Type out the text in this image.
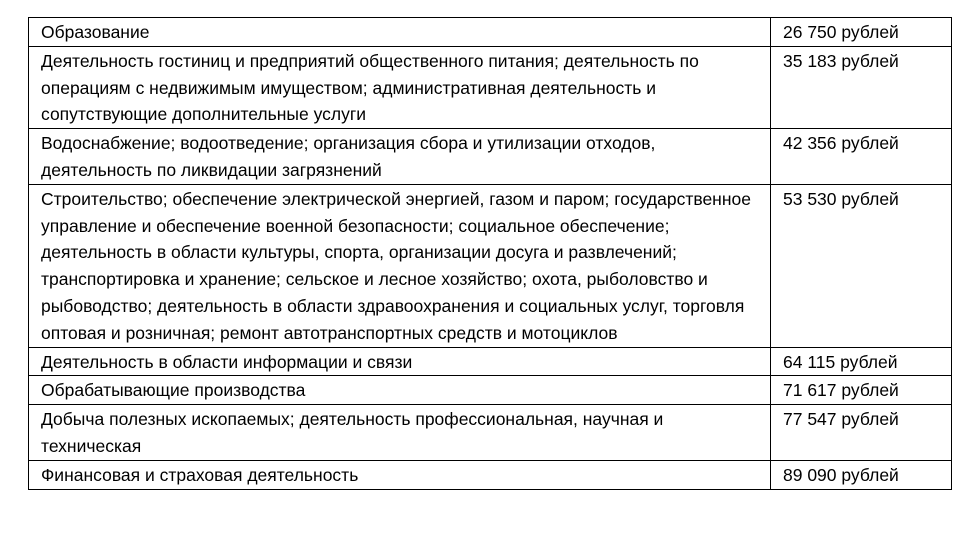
Образование	26 750 рублей
Деятельность гостиниц и предприятий общественного питания; деятельность по операциям с недвижимым имуществом; административная деятельность и сопутствующие дополнительные услуги	35 183 рублей
Водоснабжение; водоотведение; организация сбора и утилизации отходов, деятельность по ликвидации загрязнений	42 356 рублей
Строительство; обеспечение электрической энергией, газом и паром; государственное управление и обеспечение военной безопасности; социальное обеспечение; деятельность в области культуры, спорта, организации досуга и развлечений; транспортировка и хранение; сельское и лесное хозяйство; охота, рыболовство и рыбоводство; деятельность в области здравоохранения и социальных услуг, торговля оптовая и розничная; ремонт автотранспортных средств и мотоциклов	53 530 рублей
Деятельность в области информации и связи	64 115 рублей
Обрабатывающие производства	71 617 рублей
Добыча полезных ископаемых; деятельность профессиональная, научная и техническая	77 547 рублей
Финансовая и страховая деятельность	89 090 рублей
